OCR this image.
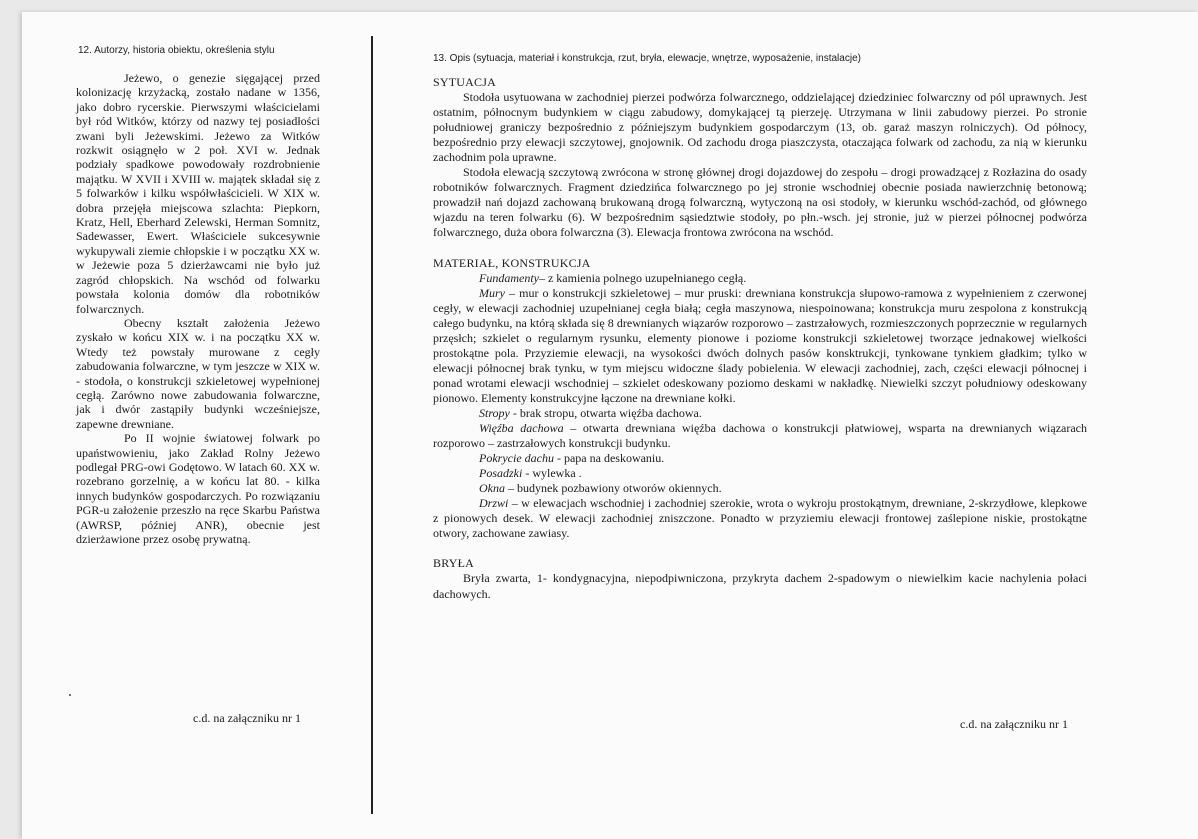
12. Autorzy, historia obiektu, określenia stylu
13. Opis (sytuacja, materiał i konstrukcja, rzut, bryła, elewacje, wnętrze, wyposażenie, instalacje)

Jeżewo, o genezie sięgającej przed kolonizację krzyżacką, zostało nadane w 1356, jako dobro rycerskie. Pierwszymi właścicielami był ród Witków, którzy od nazwy tej posiadłości zwani byli Jeżewskimi. Jeżewo za Witków rozkwit osiągnęło w 2 poł. XVI w. Jednak podziały spadkowe powodowały rozdrobnienie majątku. W XVII i XVIII w. majątek składał się z 5 folwarków i kilku współwłaścicieli. W XIX w. dobra przejęła miejscowa szlachta: Piepkorn, Kratz, Hell, Eberhard Zelewski, Herman Somnitz, Sadewasser, Ewert. Właściciele sukcesywnie wykupywali ziemie chłopskie i w początku XX w. w Jeżewie poza 5 dzierżawcami nie było już zagród chłopskich. Na wschód od folwarku powstała kolonia domów dla robotników folwarcznych.

Obecny kształt założenia Jeżewo zyskało w końcu XIX w. i na początku XX w. Wtedy też powstały murowane z cegły zabudowania folwarczne, w tym jeszcze w XIX w. - stodoła, o konstrukcji szkieletowej wypełnionej cegłą. Zarówno nowe zabudowania folwarczne, jak i dwór zastąpiły budynki wcześniejsze, zapewne drewniane.

Po II wojnie światowej folwark po upaństwowieniu, jako Zakład Rolny Jeżewo podlegał PRG-owi Godętowo. W latach 60. XX w. rozebrano gorzelnię, a w końcu lat 80. - kilka innych budynków gospodarczych. Po rozwiązaniu PGR-u założenie przeszło na ręce Skarbu Państwa (AWRSP, później ANR), obecnie jest dzierżawione przez osobę prywatną.

c.d. na załączniku nr 1
SYTUACJA

Stodoła usytuowana w zachodniej pierzei podwórza folwarcznego, oddzielającej dziedziniec folwarczny od pól uprawnych. Jest ostatnim, północnym budynkiem w ciągu zabudowy, domykającej tą pierzeję. Utrzymana w linii zabudowy pierzei. Po stronie południowej graniczy bezpośrednio z późniejszym budynkiem gospodarczym (13, ob. garaż maszyn rolniczych). Od północy, bezpośrednio przy elewacji szczytowej, gnojownik. Od zachodu droga piaszczysta, otaczająca folwark od zachodu, za nią w kierunku zachodnim pola uprawne.

Stodoła elewacją szczytową zwrócona w stronę głównej drogi dojazdowej do zespołu – drogi prowadzącej z Rozłazina do osady robotników folwarcznych. Fragment dziedzińca folwarcznego po jej stronie wschodniej obecnie posiada nawierzchnię betonową; prowadził nań dojazd zachowaną brukowaną drogą folwarczną, wytyczoną na osi stodoły, w kierunku wschód-zachód, od głównego wjazdu na teren folwarku (6). W bezpośrednim sąsiedztwie stodoły, po płn.-wsch. jej stronie, już w pierzei północnej podwórza folwarcznego, duża obora folwarczna (3). Elewacja frontowa zwrócona na wschód.

MATERIAŁ, KONSTRUKCJA

Fundamenty– z kamienia polnego uzupełnianego cegłą.

Mury – mur o konstrukcji szkieletowej – mur pruski: drewniana konstrukcja słupowo-ramowa z wypełnieniem z czerwonej cegły, w elewacji zachodniej uzupełnianej cegła białą; cegła maszynowa, niespoinowana; konstrukcja muru zespolona z konstrukcją całego budynku, na którą składa się 8 drewnianych wiązarów rozporowo – zastrzałowych, rozmieszczonych poprzecznie w regularnych przęsłch; szkielet o regularnym rysunku, elementy pionowe i poziome konstrukcji szkieletowej tworzące jednakowej wielkości prostokątne pola. Przyziemie elewacji, na wysokości dwóch dolnych pasów konsktrukcji, tynkowane tynkiem gładkim; tylko w elewacji północnej brak tynku, w tym miejscu widoczne ślady pobielenia. W elewacji zachodniej, zach, części elewacji północnej i ponad wrotami elewacji wschodniej – szkielet odeskowany poziomo deskami w nakładkę. Niewielki szczyt południowy odeskowany pionowo. Elementy konstrukcyjne łączone na drewniane kołki.

Stropy - brak stropu, otwarta więźba dachowa.

Więźba dachowa – otwarta drewniana więźba dachowa o konstrukcji płatwiowej, wsparta na drewnianych wiązarach rozporowo – zastrzałowych konstrukcji budynku.

Pokrycie dachu - papa na deskowaniu.

Posadzki - wylewka .

Okna – budynek pozbawiony otworów okiennych.

Drzwi – w elewacjach wschodniej i zachodniej szerokie, wrota o wykroju prostokątnym, drewniane, 2-skrzydłowe, klepkowe z pionowych desek. W elewacji zachodniej zniszczone. Ponadto w przyziemiu elewacji frontowej zaślepione niskie, prostokątne otwory, zachowane zawiasy.

BRYŁA

Bryła zwarta, 1- kondygnacyjna, niepodpiwniczona, przykryta dachem 2-spadowym o niewielkim kacie nachylenia połaci dachowych.

c.d. na załączniku nr 1
